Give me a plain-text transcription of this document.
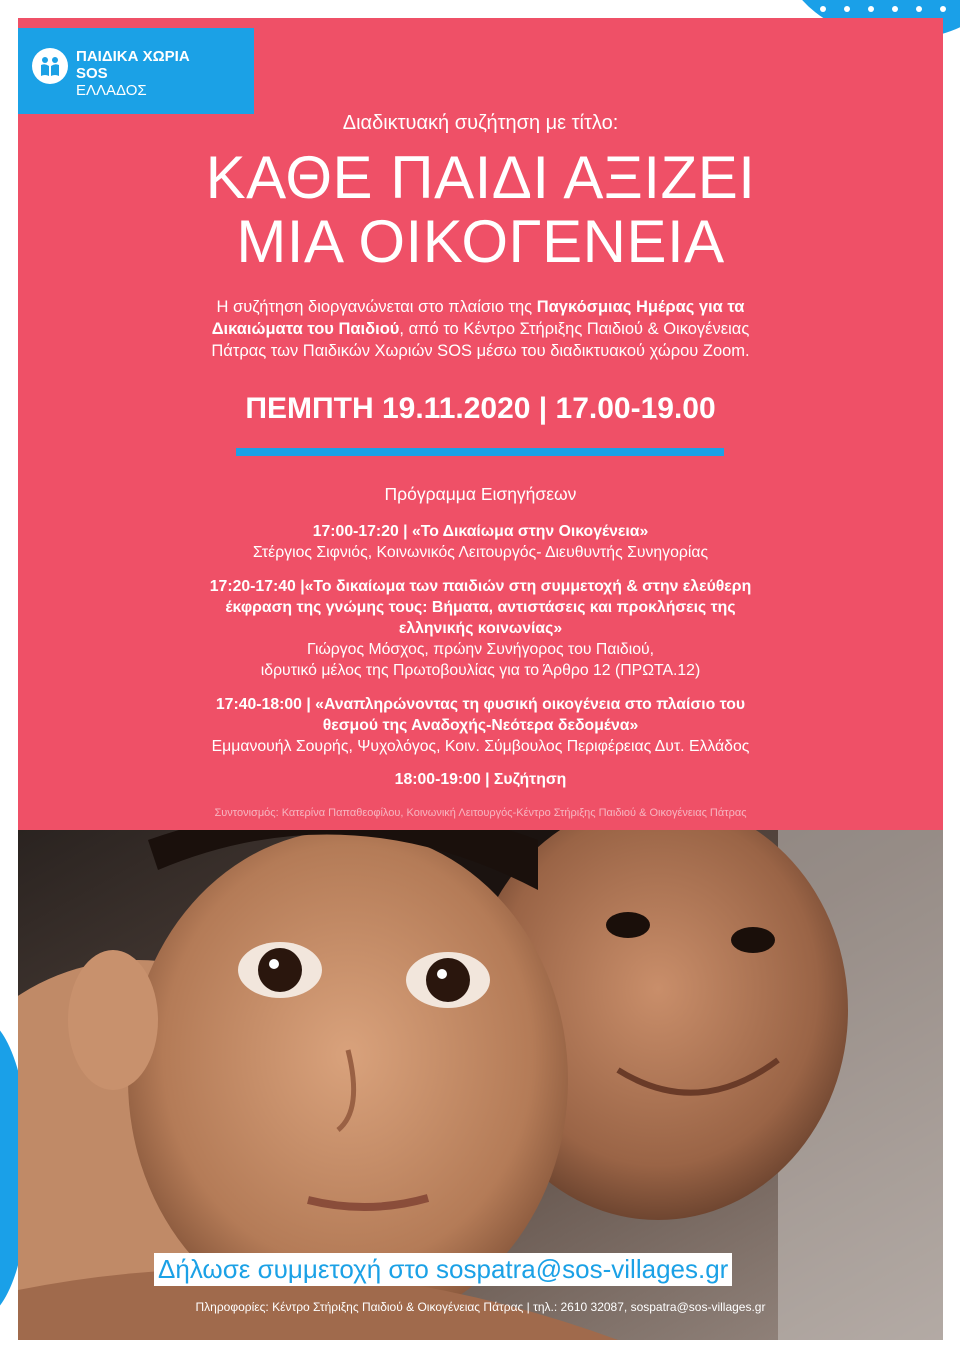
ΠΑΙΔΙΚΑ ΧΩΡΙΑ
SOS
ΕΛΛΑΔΟΣ
Διαδικτυακή συζήτηση με τίτλο:
ΚΑΘΕ ΠΑΙΔΙ ΑΞΙΖΕΙ
ΜΙΑ ΟΙΚΟΓΕΝΕΙΑ
Η συζήτηση διοργανώνεται στο πλαίσιο της Παγκόσμιας Ημέρας για τα
Δικαιώματα του Παιδιού, από το Κέντρο Στήριξης Παιδιού & Οικογένειας
Πάτρας των Παιδικών Χωριών SOS μέσω του διαδικτυακού χώρου Zoom.
ΠΕΜΠΤΗ 19.11.2020 | 17.00-19.00
Πρόγραμμα Εισηγήσεων
17:00-17:20 | «Το Δικαίωμα στην Οικογένεια»
Στέργιος Σιφνιός, Κοινωνικός Λειτουργός- Διευθυντής Συνηγορίας
17:20-17:40 |«Το δικαίωμα των παιδιών στη συμμετοχή & στην ελεύθερη
έκφραση της γνώμης τους: Βήματα, αντιστάσεις και προκλήσεις της
ελληνικής κοινωνίας»
Γιώργος Μόσχος, πρώην Συνήγορος του Παιδιού,
ιδρυτικό μέλος της Πρωτοβουλίας για το Άρθρο 12 (ΠΡΩΤΑ.12)
17:40-18:00 | «Αναπληρώνοντας τη φυσική οικογένεια στο πλαίσιο του
θεσμού της Αναδοχής-Νεότερα δεδομένα»
Εμμανουήλ Σουρής, Ψυχολόγος, Κοιν. Σύμβουλος Περιφέρειας Δυτ. Ελλάδος
18:00-19:00 | Συζήτηση
Συντονισμός: Κατερίνα Παπαθεοφίλου, Κοινωνική Λειτουργός-Κέντρο Στήριξης Παιδιού & Οικογένειας Πάτρας
Δήλωσε συμμετοχή στο sospatra@sos-villages.gr
Πληροφορίες: Κέντρο Στήριξης Παιδιού & Οικογένειας Πάτρας | τηλ.: 2610 32087, sospatra@sos-villages.gr
